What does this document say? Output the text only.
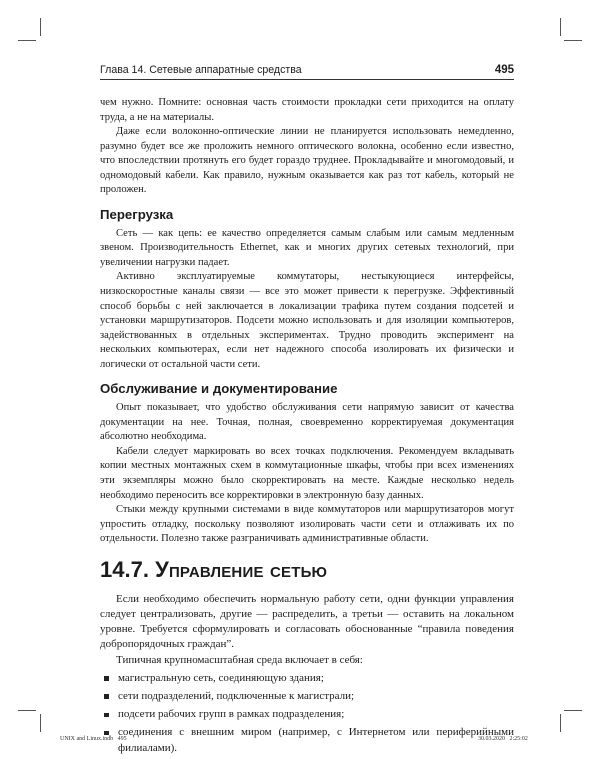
Глава 14. Сетевые аппаратные средства	495

чем нужно. Помните: основная часть стоимости прокладки сети приходится на оплату труда, а не на материалы.

Даже если волоконно-оптические линии не планируется использовать немедленно, разумно будет все же проложить немного оптического волокна, особенно если известно, что впоследствии протянуть его будет гораздо труднее. Прокладывайте и многомодовый, и одномодовый кабели. Как правило, нужным оказывается как раз тот кабель, который не проложен.

Перегрузка

Сеть — как цепь: ее качество определяется самым слабым или самым медленным звеном. Производительность Ethernet, как и многих других сетевых технологий, при увеличении нагрузки падает.

Активно эксплуатируемые коммутаторы, нестыкующиеся интерфейсы, низкоскоростные каналы связи — все это может привести к перегрузке. Эффективный способ борьбы с ней заключается в локализации трафика путем создания подсетей и установки маршрутизаторов. Подсети можно использовать и для изоляции компьютеров, задействованных в отдельных экспериментах. Трудно проводить эксперимент на нескольких компьютерах, если нет надежного способа изолировать их физически и логически от остальной части сети.

Обслуживание и документирование

Опыт показывает, что удобство обслуживания сети напрямую зависит от качества документации на нее. Точная, полная, своевременно корректируемая документация абсолютно необходима.

Кабели следует маркировать во всех точках подключения. Рекомендуем вкладывать копии местных монтажных схем в коммутационные шкафы, чтобы при всех изменениях эти экземпляры можно было скорректировать на месте. Каждые несколько недель необходимо переносить все корректировки в электронную базу данных.

Стыки между крупными системами в виде коммутаторов или маршрутизаторов могут упростить отладку, поскольку позволяют изолировать части сети и отлаживать их по отдельности. Полезно также разграничивать административные области.

14.7. Управление сетью

Если необходимо обеспечить нормальную работу сети, одни функции управления следует централизовать, другие — распределить, а третьи — оставить на локальном уровне. Требуется сформулировать и согласовать обоснованные “правила поведения добропорядочных граждан”.

Типичная крупномасштабная среда включает в себя:

магистральную сеть, соединяющую здания;
сети подразделений, подключенные к магистрали;
подсети рабочих групп в рамках подразделения;
соединения с внешним миром (например, с Интернетом или периферийными филиалами).
UNIX and Linux.indb   495	30.03.2020   2:25:02
